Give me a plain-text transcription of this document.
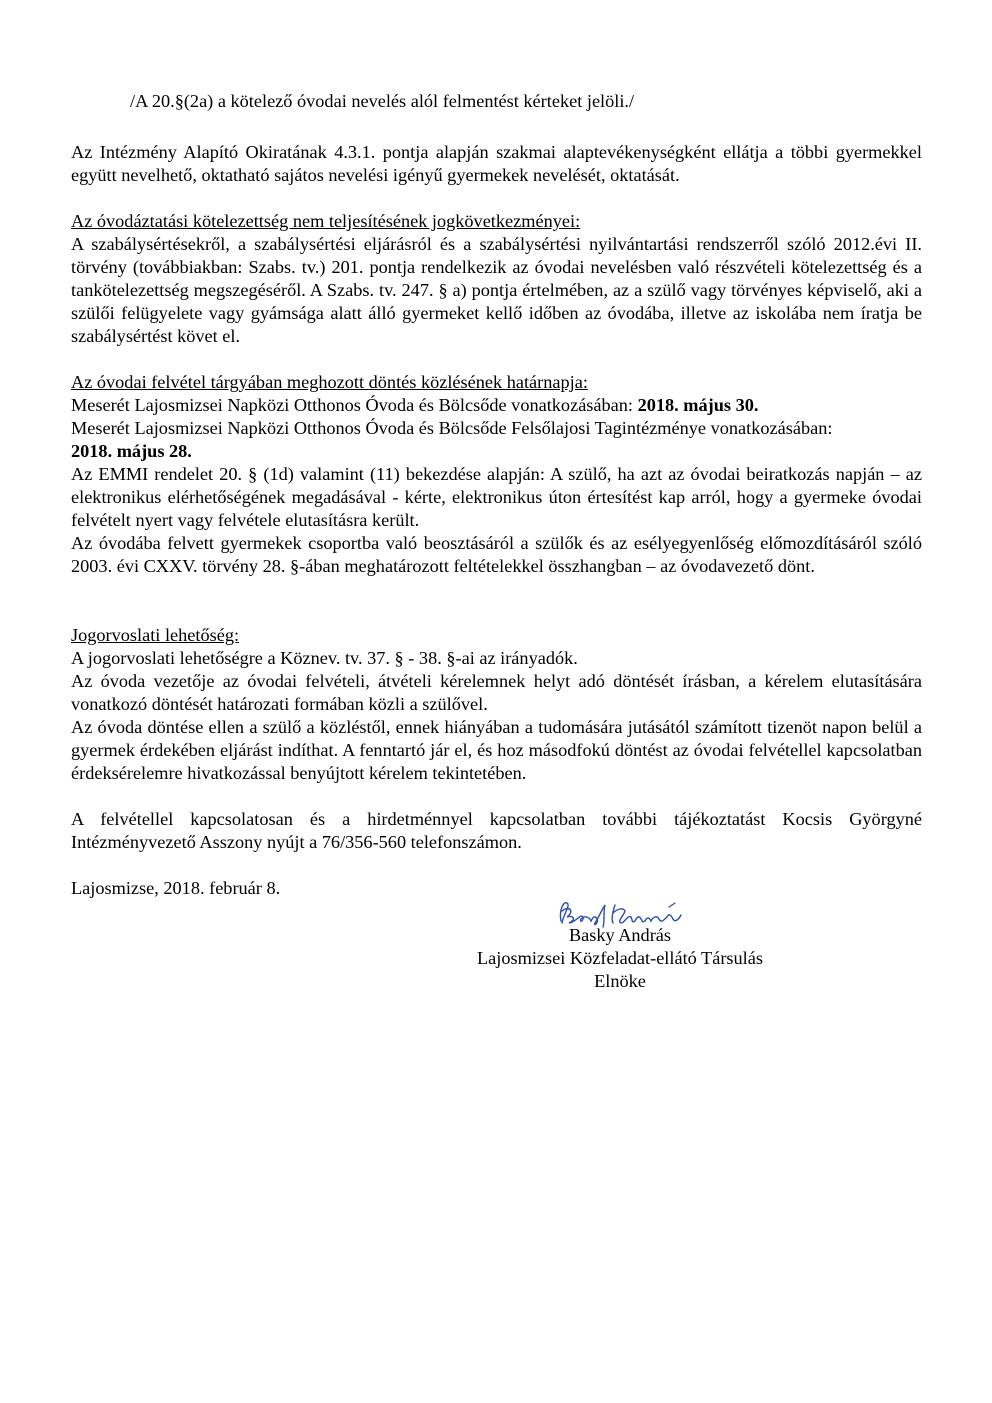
/A 20.§(2a) a kötelező óvodai nevelés alól felmentést kérteket jelöli./

Az Intézmény Alapító Okiratának 4.3.1. pontja alapján szakmai alaptevékenységként ellátja a többi gyermekkel együtt nevelhető, oktatható sajátos nevelési igényű gyermekek nevelését, oktatását.

Az óvodáztatási kötelezettség nem teljesítésének jogkövetkezményei:

A szabálysértésekről, a szabálysértési eljárásról és a szabálysértési nyilvántartási rendszerről szóló 2012.évi II. törvény (továbbiakban: Szabs. tv.) 201. pontja rendelkezik az óvodai nevelésben való részvételi kötelezettség és a tankötelezettség megszegéséről. A Szabs. tv. 247. § a) pontja értelmében, az a szülő vagy törvényes képviselő, aki a szülői felügyelete vagy gyámsága alatt álló gyermeket kellő időben az óvodába, illetve az iskolába nem íratja be szabálysértést követ el.

Az óvodai felvétel tárgyában meghozott döntés közlésének határnapja:

Meserét Lajosmizsei Napközi Otthonos Óvoda és Bölcsőde vonatkozásában: 2018. május 30.

Meserét Lajosmizsei Napközi Otthonos Óvoda és Bölcsőde Felsőlajosi Tagintézménye vonatkozásában:

2018. május 28.

Az EMMI rendelet 20. § (1d) valamint (11) bekezdése alapján: A szülő, ha azt az óvodai beiratkozás napján – az elektronikus elérhetőségének megadásával - kérte, elektronikus úton értesítést kap arról, hogy a gyermeke óvodai felvételt nyert vagy felvétele elutasításra került.

Az óvodába felvett gyermekek csoportba való beosztásáról a szülők és az esélyegyenlőség előmozdításáról szóló 2003. évi CXXV. törvény 28. §-ában meghatározott feltételekkel összhangban – az óvodavezető dönt.

Jogorvoslati lehetőség:

A jogorvoslati lehetőségre a Köznev. tv. 37. § - 38. §-ai az irányadók.

Az óvoda vezetője az óvodai felvételi, átvételi kérelemnek helyt adó döntését írásban, a kérelem elutasítására vonatkozó döntését határozati formában közli a szülővel.

Az óvoda döntése ellen a szülő a közléstől, ennek hiányában a tudomására jutásától számított tizenöt napon belül a gyermek érdekében eljárást indíthat. A fenntartó jár el, és hoz másodfokú döntést az óvodai felvétellel kapcsolatban érdeksérelemre hivatkozással benyújtott kérelem tekintetében.

A felvétellel kapcsolatosan és a hirdetménnyel kapcsolatban további tájékoztatást Kocsis Györgyné Intézményvezető Asszony nyújt a 76/356-560 telefonszámon.

Lajosmizse, 2018. február 8.

Basky András

Lajosmizsei Közfeladat-ellátó Társulás

Elnöke
